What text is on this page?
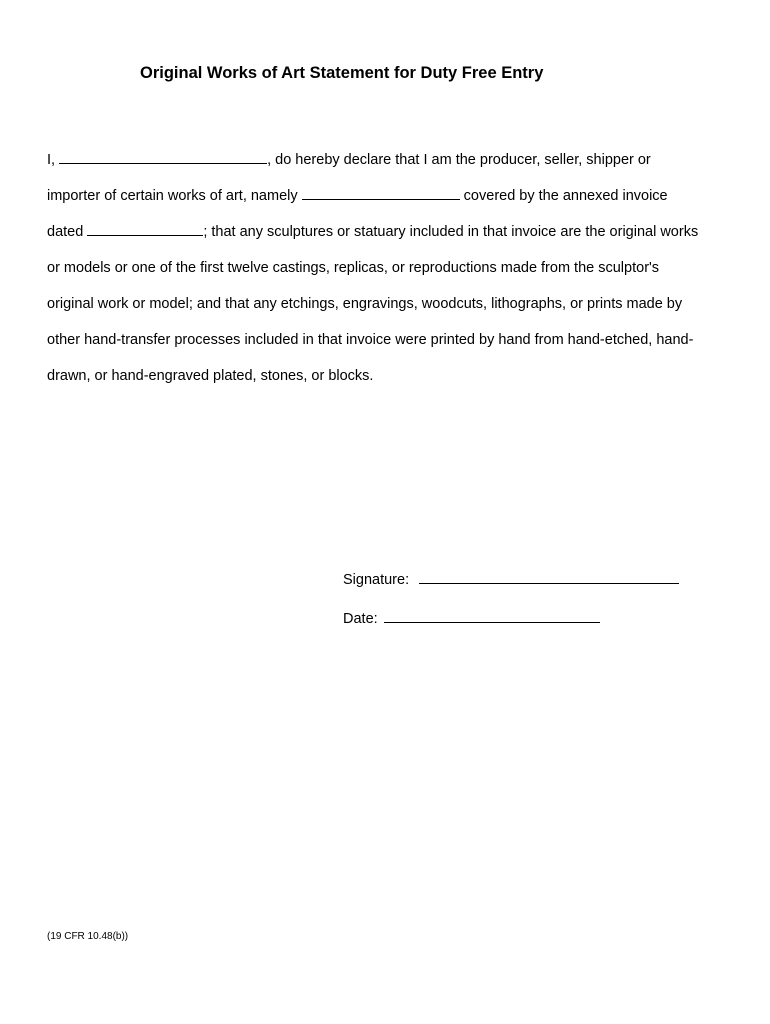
Original Works of Art Statement for Duty Free Entry
I,	, do hereby declare that I am the producer, seller, shipper or
importer of certain works of art, namely	covered by the annexed invoice
dated	; that any sculptures or statuary included in that invoice are the original works
or models or one of the first twelve castings, replicas, or reproductions made from the sculptor's
original work or model; and that any etchings, engravings, woodcuts, lithographs, or prints made by
other hand-transfer processes included in that invoice were printed by hand from hand-etched, hand-
drawn, or hand-engraved plated, stones, or blocks.
Signature:
Date:
(19 CFR 10.48(b))
